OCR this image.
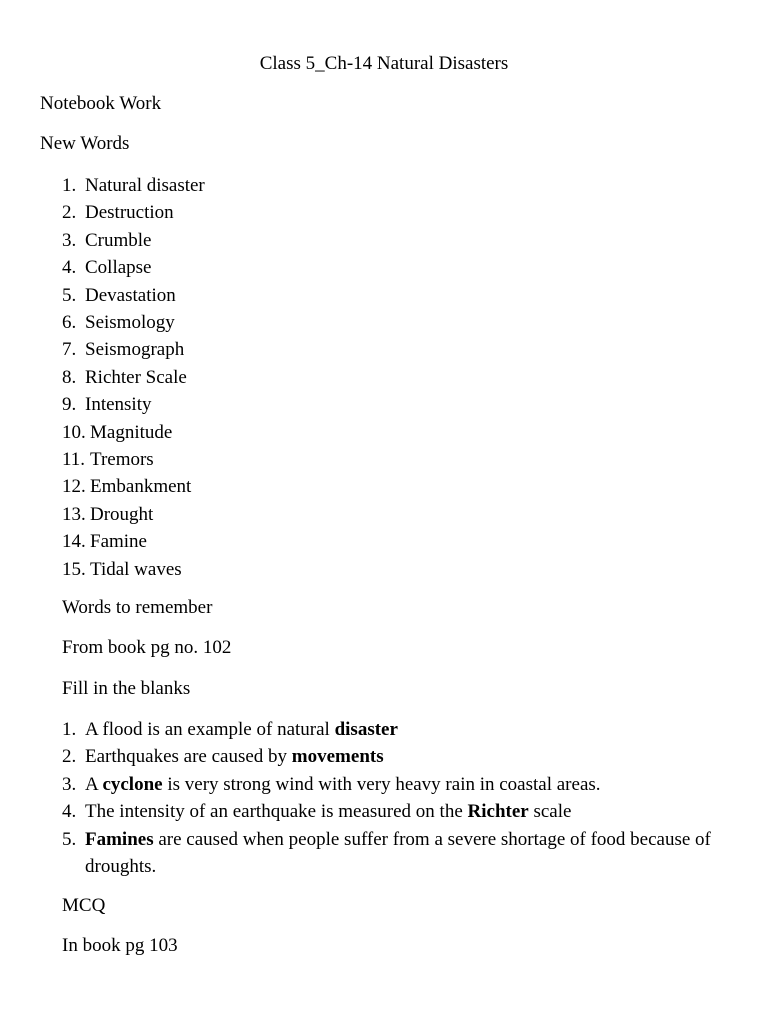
Class 5_Ch-14 Natural Disasters
Notebook Work
New Words
1. Natural disaster
2. Destruction
3. Crumble
4. Collapse
5. Devastation
6. Seismology
7. Seismograph
8. Richter Scale
9. Intensity
10. Magnitude
11. Tremors
12. Embankment
13. Drought
14. Famine
15. Tidal waves
Words to remember
From book pg no. 102
Fill in the blanks
1. A flood is an example of natural disaster
2. Earthquakes are caused by movements
3. A cyclone is very strong wind with very heavy rain in coastal areas.
4. The intensity of an earthquake is measured on the Richter scale
5. Famines are caused when people suffer from a severe shortage of food because of droughts.
MCQ
In book pg 103
